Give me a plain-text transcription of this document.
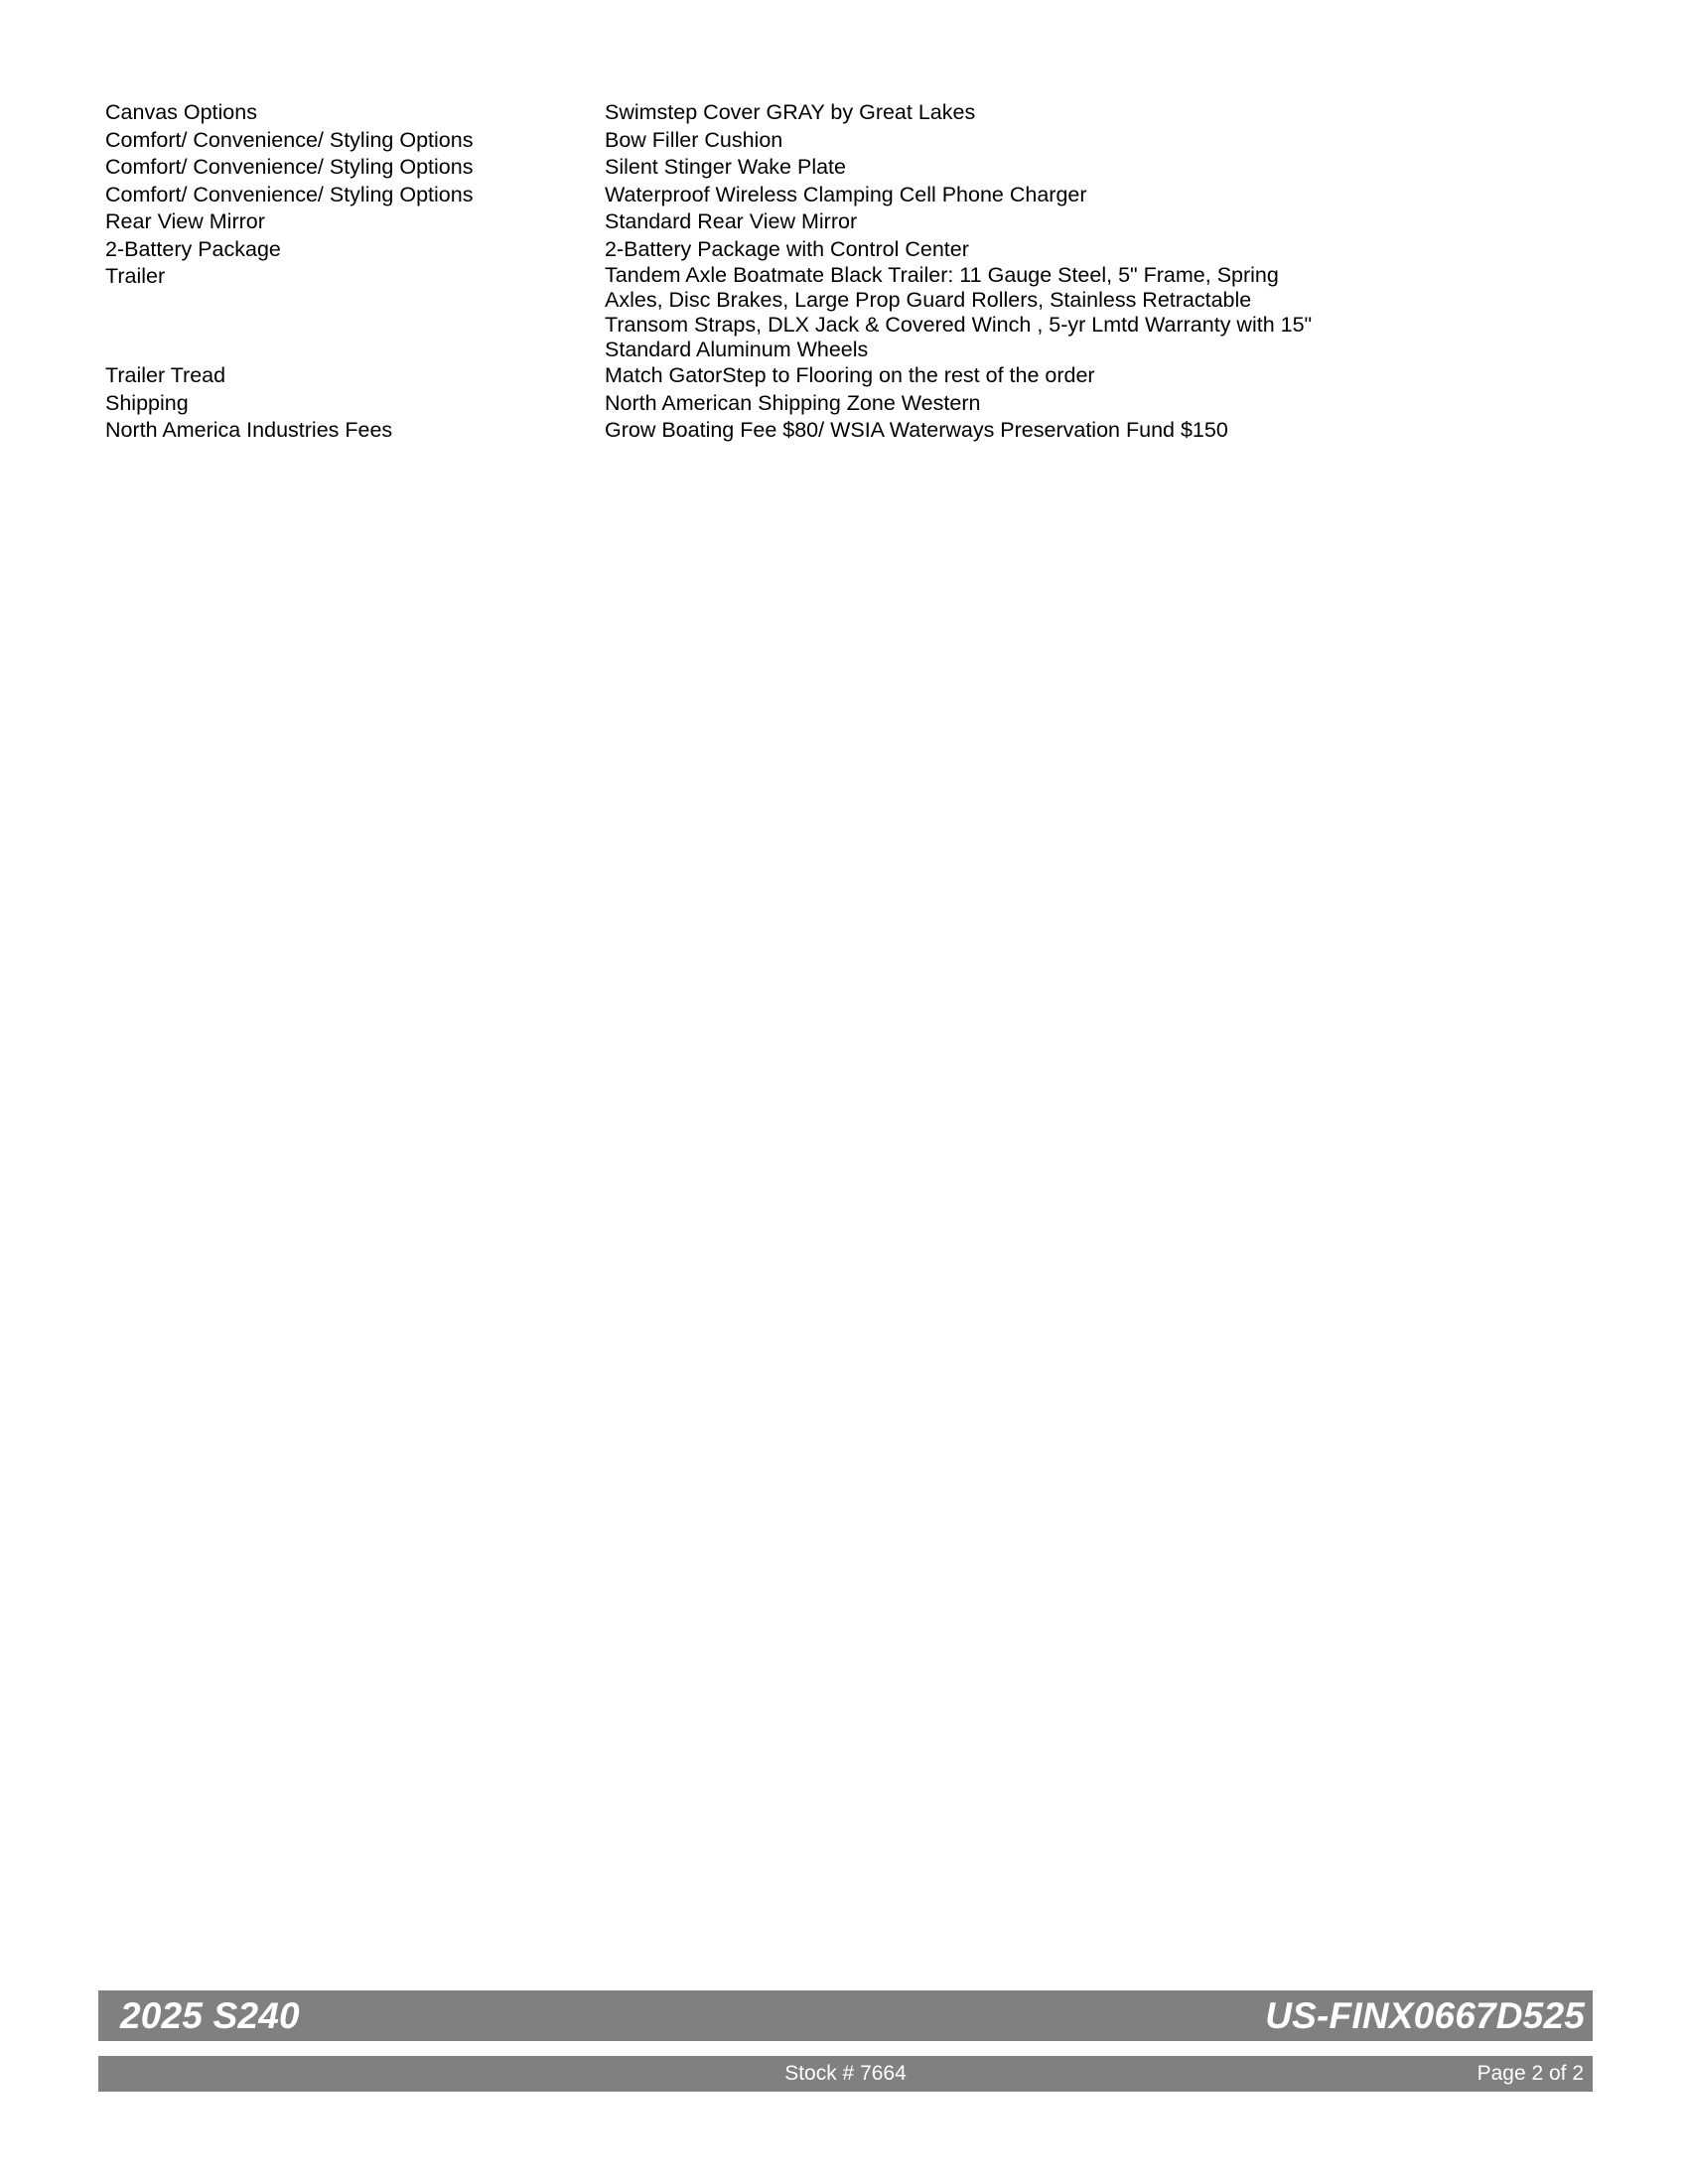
Canvas Options	Swimstep Cover GRAY by Great Lakes
Comfort/ Convenience/ Styling Options	Bow Filler Cushion
Comfort/ Convenience/ Styling Options	Silent Stinger Wake Plate
Comfort/ Convenience/ Styling Options	Waterproof Wireless Clamping Cell Phone Charger
Rear View Mirror	Standard Rear View Mirror
2-Battery Package	2-Battery Package with Control Center
Trailer	Tandem Axle Boatmate Black Trailer: 11 Gauge Steel, 5" Frame, Spring Axles, Disc Brakes, Large Prop Guard Rollers, Stainless Retractable Transom Straps, DLX Jack & Covered Winch , 5-yr Lmtd Warranty with 15" Standard Aluminum Wheels
Trailer Tread	Match GatorStep to Flooring on the rest of the order
Shipping	North American Shipping Zone Western
North America Industries Fees	Grow Boating Fee $80/ WSIA Waterways Preservation Fund $150
2025 S240	US-FINX0667D525
Stock # 7664	Page 2 of 2
